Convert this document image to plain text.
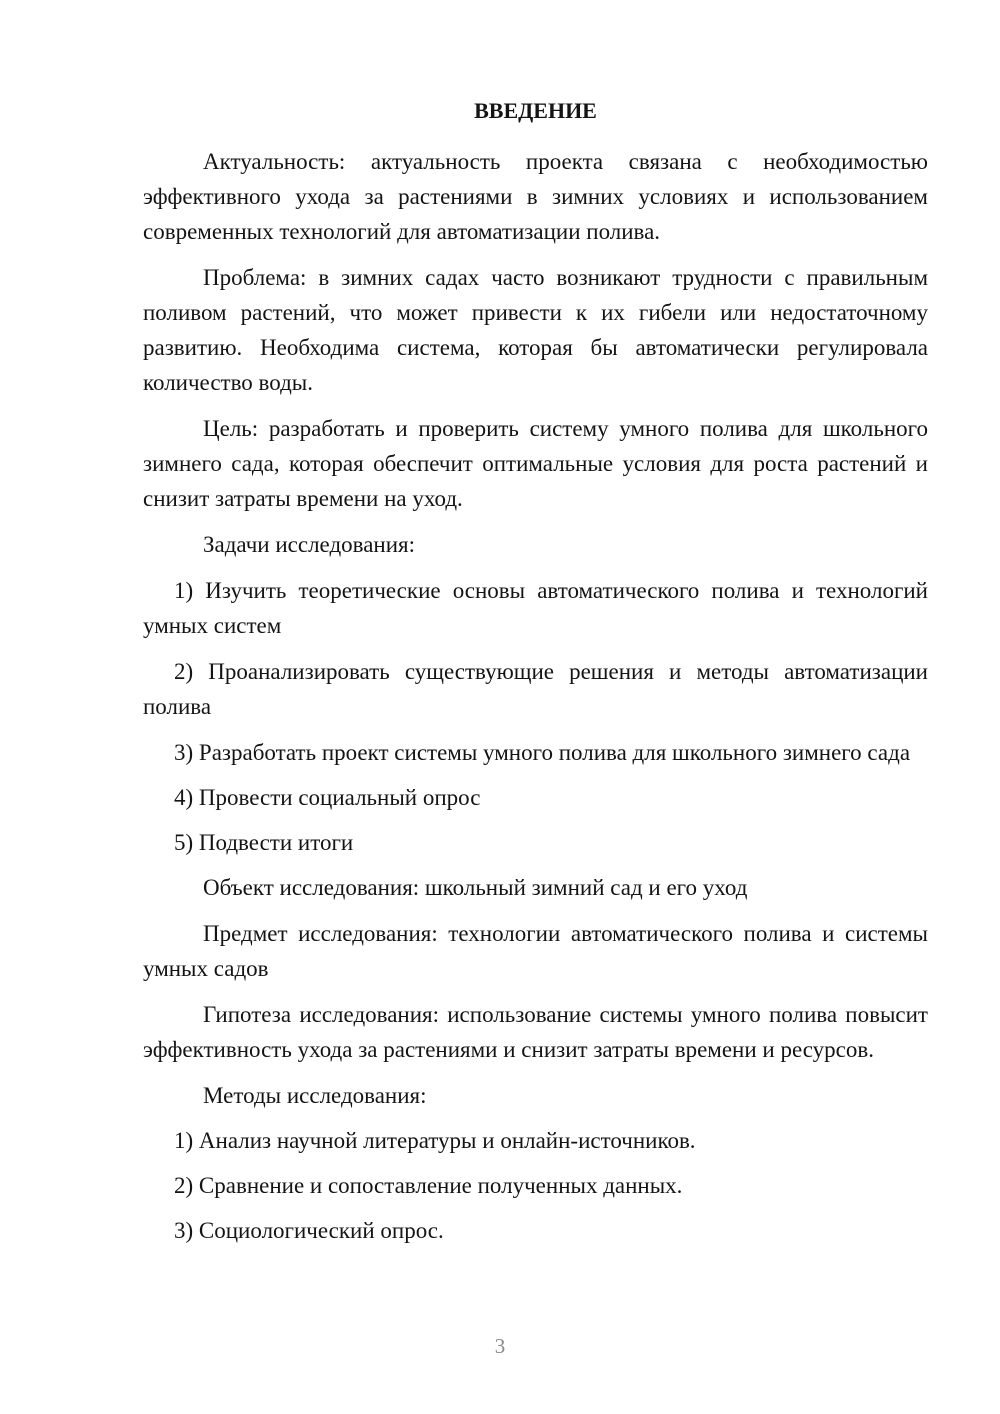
ВВЕДЕНИЕ

Актуальность: актуальность проекта связана с необходимостью эффективного ухода за растениями в зимних условиях и использованием современных технологий для автоматизации полива.

Проблема: в зимних садах часто возникают трудности с правильным поливом растений, что может привести к их гибели или недостаточному развитию. Необходима система, которая бы автоматически регулировала количество воды.

Цель: разработать и проверить систему умного полива для школьного зимнего сада, которая обеспечит оптимальные условия для роста растений и снизит затраты времени на уход.

Задачи исследования:

1) Изучить теоретические основы автоматического полива и технологий умных систем

2) Проанализировать существующие решения и методы автоматизации полива

3) Разработать проект системы умного полива для школьного зимнего сада

4) Провести социальный опрос

5) Подвести итоги

Объект исследования: школьный зимний сад и его уход

Предмет исследования: технологии автоматического полива и системы умных садов

Гипотеза исследования: использование системы умного полива повысит эффективность ухода за растениями и снизит затраты времени и ресурсов.

Методы исследования:

1) Анализ научной литературы и онлайн-источников.

2) Сравнение и сопоставление полученных данных.

3) Социологический опрос.

3
